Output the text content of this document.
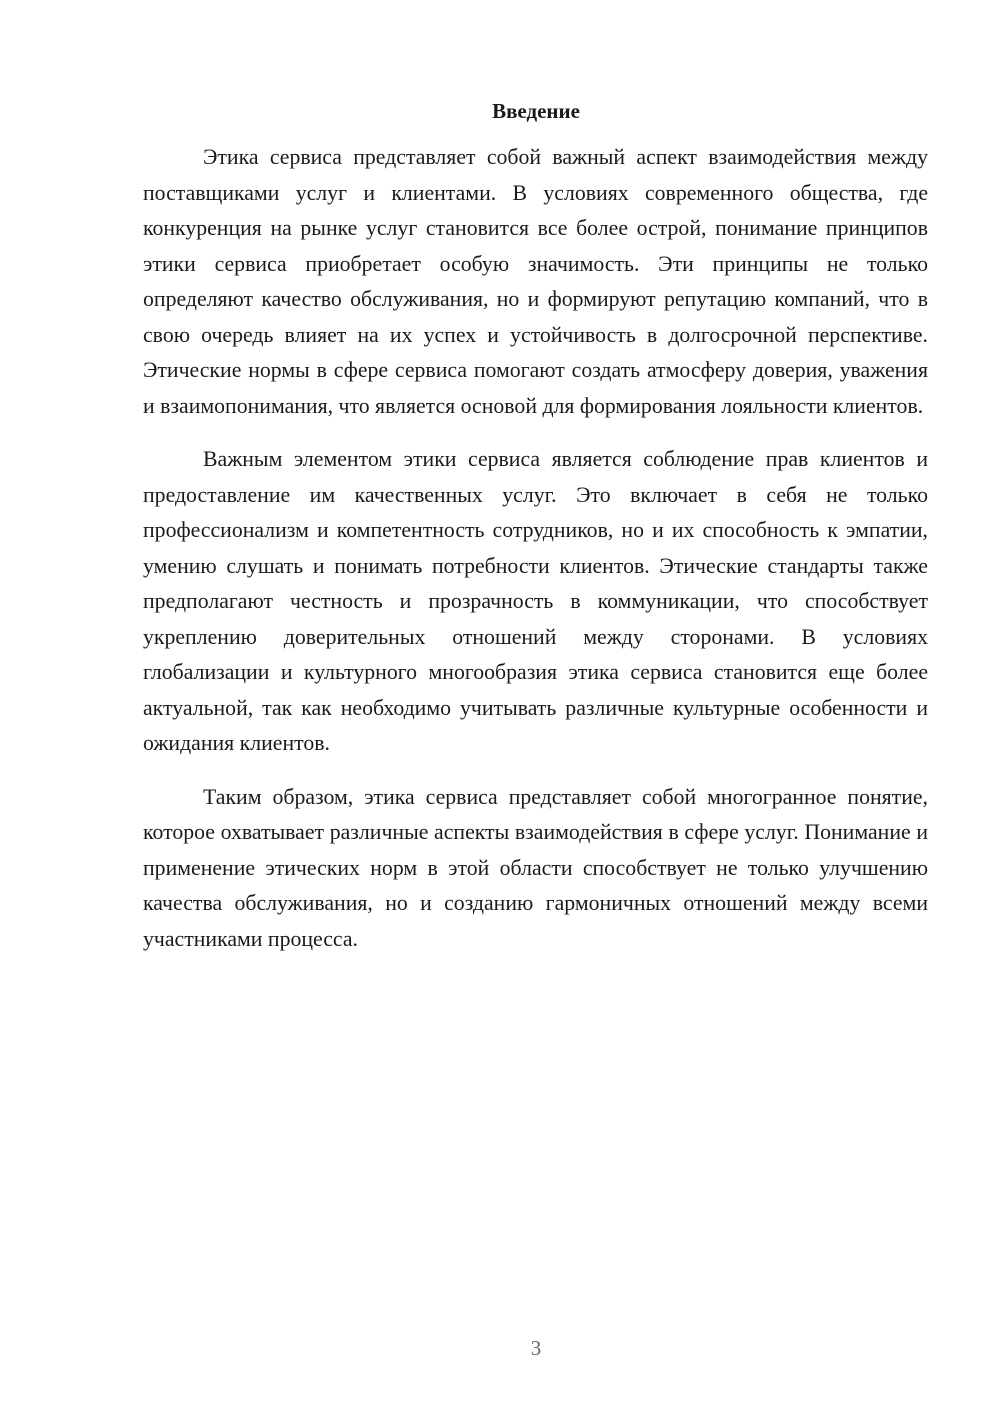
Введение

Этика сервиса представляет собой важный аспект взаимодействия между поставщиками услуг и клиентами. В условиях современного общества, где конкуренция на рынке услуг становится все более острой, понимание принципов этики сервиса приобретает особую значимость. Эти принципы не только определяют качество обслуживания, но и формируют репутацию компаний, что в свою очередь влияет на их успех и устойчивость в долгосрочной перспективе. Этические нормы в сфере сервиса помогают создать атмосферу доверия, уважения и взаимопонимания, что является основой для формирования лояльности клиентов.

Важным элементом этики сервиса является соблюдение прав клиентов и предоставление им качественных услуг. Это включает в себя не только профессионализм и компетентность сотрудников, но и их способность к эмпатии, умению слушать и понимать потребности клиентов. Этические стандарты также предполагают честность и прозрачность в коммуникации, что способствует укреплению доверительных отношений между сторонами. В условиях глобализации и культурного многообразия этика сервиса становится еще более актуальной, так как необходимо учитывать различные культурные особенности и ожидания клиентов.

Таким образом, этика сервиса представляет собой многогранное понятие, которое охватывает различные аспекты взаимодействия в сфере услуг. Понимание и применение этических норм в этой области способствует не только улучшению качества обслуживания, но и созданию гармоничных отношений между всеми участниками процесса.

3
